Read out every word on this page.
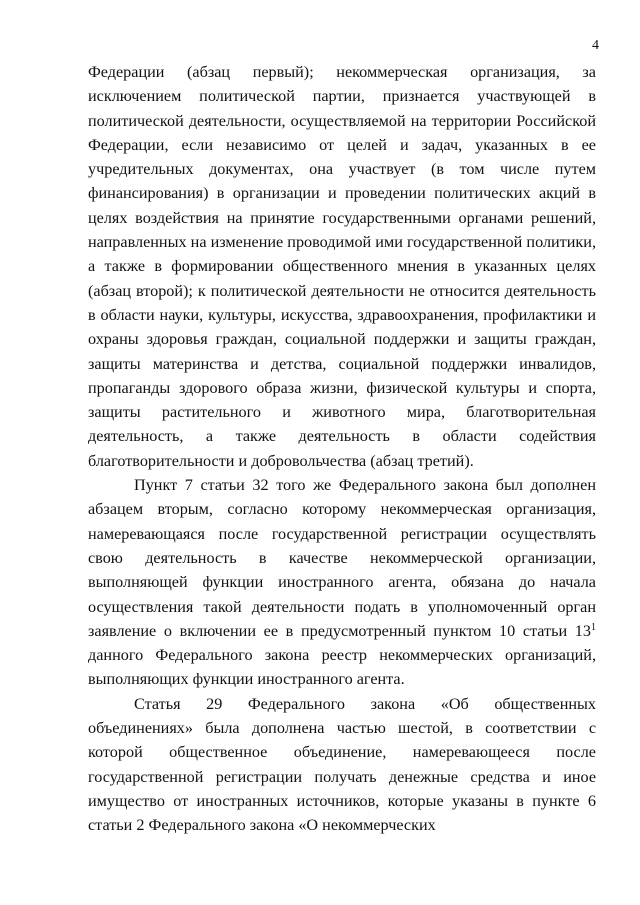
4

Федерации (абзац первый); некоммерческая организация, за исключением политической партии, признается участвующей в политической деятельности, осуществляемой на территории Российской Федерации, если независимо от целей и задач, указанных в ее учредительных документах, она участвует (в том числе путем финансирования) в организации и проведении политических акций в целях воздействия на принятие государственными органами решений, направленных на изменение проводимой ими государственной политики, а также в формировании общественного мнения в указанных целях (абзац второй); к политической деятельности не относится деятельность в области науки, культуры, искусства, здравоохранения, профилактики и охраны здоровья граждан, социальной поддержки и защиты граждан, защиты материнства и детства, социальной поддержки инвалидов, пропаганды здорового образа жизни, физической культуры и спорта, защиты растительного и животного мира, благотворительная деятельность, а также деятельность в области содействия благотворительности и добровольчества (абзац третий).

Пункт 7 статьи 32 того же Федерального закона был дополнен абзацем вторым, согласно которому некоммерческая организация, намеревающаяся после государственной регистрации осуществлять свою деятельность в качестве некоммерческой организации, выполняющей функции иностранного агента, обязана до начала осуществления такой деятельности подать в уполномоченный орган заявление о включении ее в предусмотренный пунктом 10 статьи $13^1$ данного Федерального закона реестр некоммерческих организаций, выполняющих функции иностранного агента.

Статья 29 Федерального закона «Об общественных объединениях» была дополнена частью шестой, в соответствии с которой общественное объединение, намеревающееся после государственной регистрации получать денежные средства и иное имущество от иностранных источников, которые указаны в пункте 6 статьи 2 Федерального закона «О некоммерческих
